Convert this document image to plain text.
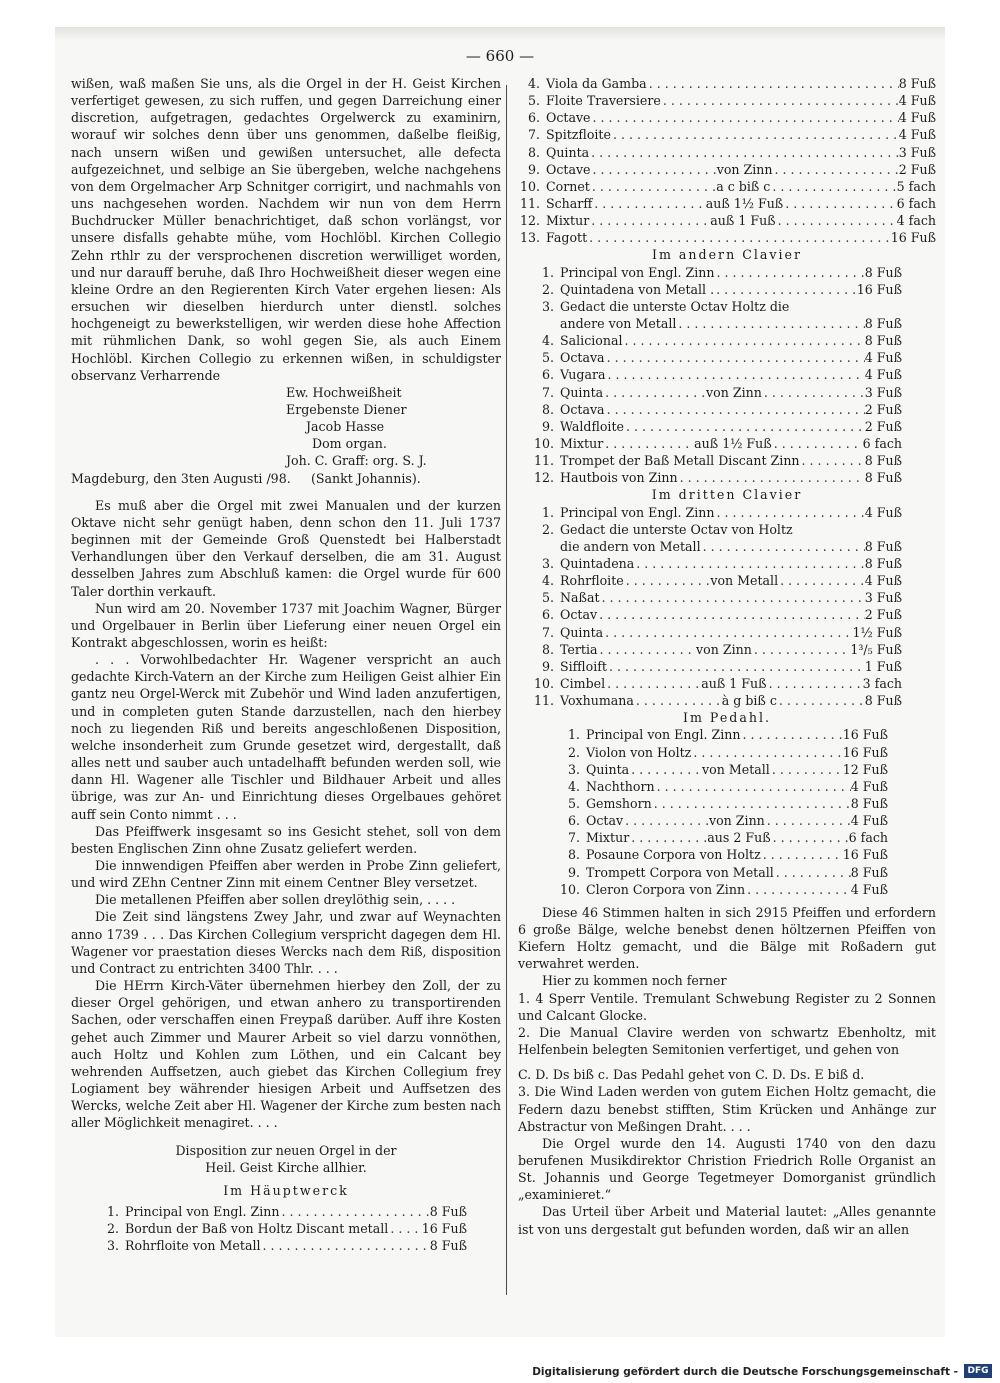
— 660 —

wißen, waß maßen Sie uns, als die Orgel in der H. Geist Kirchen verfertiget gewesen, zu sich ruffen, und gegen Darreichung einer discretion, aufgetragen, gedachtes Orgelwerck zu examinirn, worauf wir solches denn über uns genommen, daßelbe fleißig, nach unsern wißen und gewißen untersuchet, alle defecta aufgezeichnet, und selbige an Sie übergeben, welche nachgehens von dem Orgelmacher Arp Schnitger corrigirt, und nachmahls von uns nachgesehen worden. Nachdem wir nun von dem Herrn Buchdrucker Müller benachrichtiget, daß schon vorlängst, vor unsere disfalls gehabte mühe, vom Hochlöbl. Kirchen Collegio Zehn rthlr zu der versprochenen discretion werwilliget worden, und nur darauff beruhe, daß Ihro Hochweißheit dieser wegen eine kleine Ordre an den Regierenten Kirch Vater ergehen liesen: Als ersuchen wir dieselben hierdurch unter dienstl. solches hochgeneigt zu bewerkstelligen, wir werden diese hohe Affection mit rühmlichen Dank, so wohl gegen Sie, als auch Einem Hochlöbl. Kirchen Collegio zu erkennen wißen, in schuldigster observanz Verharrende

Ew. Hochweißheit
Ergebenste Diener
Jacob Hasse
Dom organ.
Joh. C. Graff: org. S. J.
Magdeburg, den 3ten Augusti /98. (Sankt Johannis).

Es muß aber die Orgel mit zwei Manualen und der kurzen Oktave nicht sehr genügt haben, denn schon den 11. Juli 1737 beginnen mit der Gemeinde Groß Quenstedt bei Halberstadt Verhandlungen über den Verkauf derselben, die am 31. August desselben Jahres zum Abschluß kamen: die Orgel wurde für 600 Taler dorthin verkauft.

Nun wird am 20. November 1737 mit Joachim Wagner, Bürger und Orgelbauer in Berlin über Lieferung einer neuen Orgel ein Kontrakt abgeschlossen, worin es heißt:

. . . Vorwohlbedachter Hr. Wagener verspricht an auch gedachte Kirch-Vatern an der Kirche zum Heiligen Geist alhier Ein gantz neu Orgel-Werck mit Zubehör und Wind laden anzufertigen, und in completen guten Stande darzustellen, nach den hierbey noch zu liegenden Riß und bereits angeschloßenen Disposition, welche insonderheit zum Grunde gesetzet wird, dergestallt, daß alles nett und sauber auch untadelhafft befunden werden soll, wie dann Hl. Wagener alle Tischler und Bildhauer Arbeit und alles übrige, was zur An- und Einrichtung dieses Orgelbaues gehöret auff sein Conto nimmt . . .

Das Pfeiffwerk insgesamt so ins Gesicht stehet, soll von dem besten Englischen Zinn ohne Zusatz geliefert werden.

Die innwendigen Pfeiffen aber werden in Probe Zinn geliefert, und wird ZEhn Centner Zinn mit einem Centner Bley versetzet.

Die metallenen Pfeiffen aber sollen dreylöthig sein, . . . .

Die Zeit sind längstens Zwey Jahr, und zwar auf Weynachten anno 1739 . . . Das Kirchen Collegium verspricht dagegen dem Hl. Wagener vor praestation dieses Wercks nach dem Riß, disposition und Contract zu entrichten 3400 Thlr. . . .

Die HErrn Kirch-Väter übernehmen hierbey den Zoll, der zu dieser Orgel gehörigen, und etwan anhero zu transportirenden Sachen, oder verschaffen einen Freypaß darüber. Auff ihre Kosten gehet auch Zimmer und Maurer Arbeit so viel darzu vonnöthen, auch Holtz und Kohlen zum Löthen, und ein Calcant bey wehrenden Auffsetzen, auch giebet das Kirchen Collegium frey Logiament bey währender hiesigen Arbeit und Auffsetzen des Wercks, welche Zeit aber Hl. Wagener der Kirche zum besten nach aller Möglichkeit menagiret. . . .

Disposition zur neuen Orgel in der
Heil. Geist Kirche allhier.
Im Häuptwerck
1. Principal von Engl. Zinn . . .	8 Fuß
2. Bordun der Baß von Holtz Discant metall . . .	16 Fuß
3. Rohrfloite von Metall . . .	8 Fuß
4. Viola da Gamba . . .	8 Fuß
5. Floite Traversiere . . .	4 Fuß
6. Octave . . .	4 Fuß
7. Spitzfloite . . .	4 Fuß
8. Quinta . . .	3 Fuß
9. Octave . . .	von Zinn . . .	2 Fuß
10. Cornet . . .	a c biß c . . .	5 fach
11. Scharff . . .	auß 1½ Fuß . . .	6 fach
12. Mixtur . . .	auß 1 Fuß . . .	4 fach
13. Fagott . . .	16 Fuß
Im andern Clavier
1. Principal von Engl. Zinn . . .	8 Fuß
2. Quintadena von Metall . . . .	16 Fuß
3. Gedact die unterste Octav Holtz die
andere von Metall . . .	8 Fuß
4. Salicional . . .	8 Fuß
5. Octava . . .	4 Fuß
6. Vugara . . .	4 Fuß
7. Quinta . . .	von Zinn . . .	3 Fuß
8. Octava . . .	2 Fuß
9. Waldfloite . . .	2 Fuß
10. Mixtur . . .	auß 1½ Fuß . . .	6 fach
11. Trompet der Baß Metall Discant Zinn . . .	8 Fuß
12. Hautbois von Zinn . . .	8 Fuß
Im dritten Clavier
1. Principal von Engl. Zinn . . .	4 Fuß
2. Gedact die unterste Octav von Holtz
die andern von Metall . . .	8 Fuß
3. Quintadena . . .	8 Fuß
4. Rohrfloite . . .	von Metall . . .	4 Fuß
5. Naßat . . .	3 Fuß
6. Octav . . .	2 Fuß
7. Quinta . . .	1½ Fuß
8. Tertia . . .	von Zinn . . .	1³/₅ Fuß
9. Siffloift . . .	1 Fuß
10. Cimbel . . .	auß 1 Fuß . . .	3 fach
11. Voxhumana . . .	à g biß c . . .	8 Fuß
Im Pedahl.
1. Principal von Engl. Zinn . . .	16 Fuß
2. Violon von Holtz . . .	16 Fuß
3. Quinta . . .	von Metall . . .	12 Fuß
4. Nachthorn . . .	4 Fuß
5. Gemshorn . . .	8 Fuß
6. Octav . . .	von Zinn . . .	4 Fuß
7. Mixtur . . .	aus 2 Fuß . . .	6 fach
8. Posaune Corpora von Holtz . . .	16 Fuß
9. Trompett Corpora von Metall . . .	8 Fuß
10. Cleron Corpora von Zinn . . .	4 Fuß

Diese 46 Stimmen halten in sich 2915 Pfeiffen und erfordern 6 große Bälge, welche benebst denen höltzernen Pfeiffen von Kiefern Holtz gemacht, und die Bälge mit Roßadern gut verwahret werden.

Hier zu kommen noch ferner

1. 4 Sperr Ventile. Tremulant Schwebung Register zu 2 Sonnen und Calcant Glocke.

2. Die Manual Clavire werden von schwartz Ebenholtz, mit Helfenbein belegten Semitonien verfertiget, und gehen von

C. D. Ds biß c. Das Pedahl gehet von C. D. Ds. E biß d.

3. Die Wind Laden werden von gutem Eichen Holtz gemacht, die Federn dazu benebst stifften, Stim Krücken und Anhänge zur Abstractur von Meßingen Draht. . . .

Die Orgel wurde den 14. Augusti 1740 von den dazu berufenen Musikdirektor Christion Friedrich Rolle Organist an St. Johannis und George Tegetmeyer Domorganist gründlich „examinieret.“

Das Urteil über Arbeit und Material lautet: „Alles genannte ist von uns dergestalt gut befunden worden, daß wir an allen

Digitalisierung gefördert durch die Deutsche Forschungsgemeinschaft -	DFG
